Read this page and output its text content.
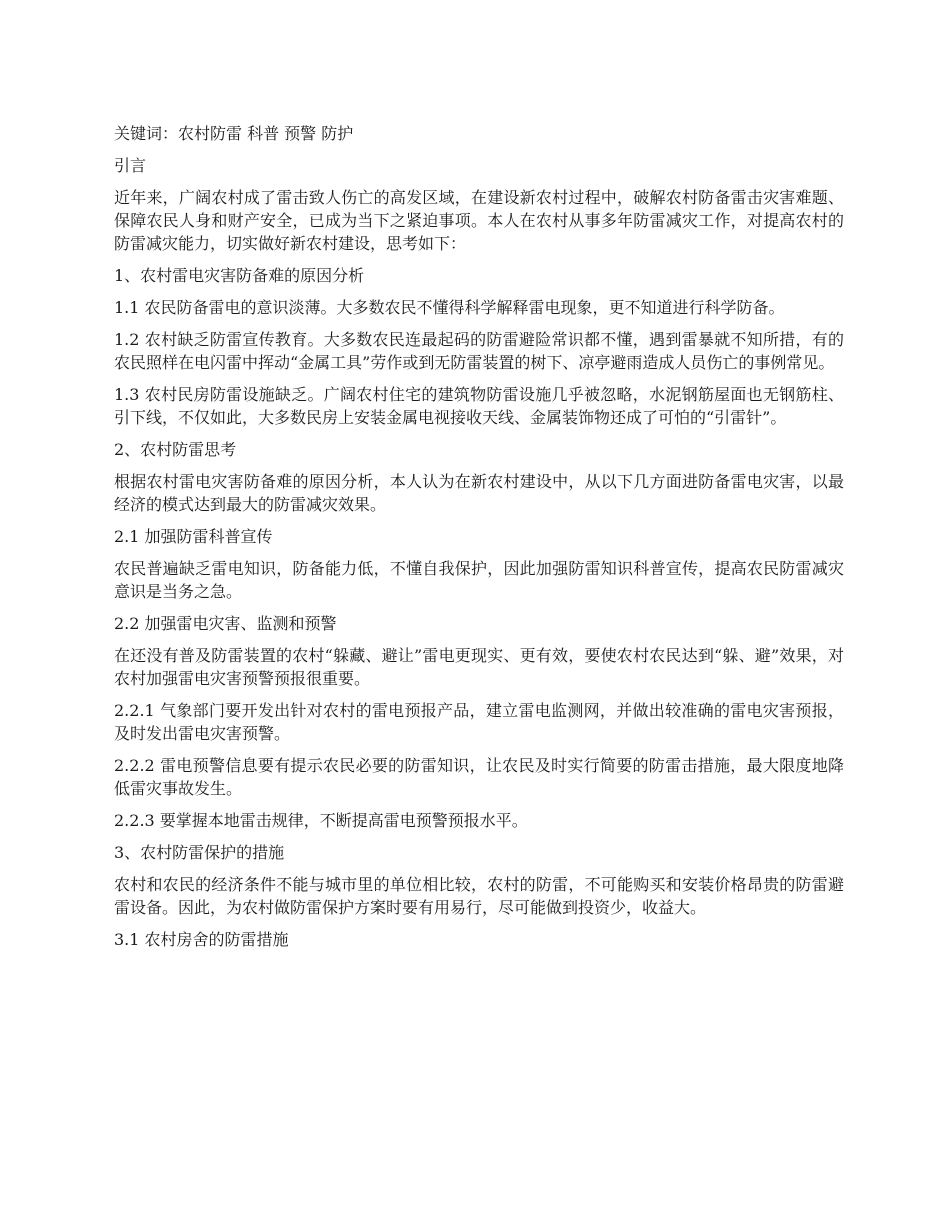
关键词：农村防雷 科普 预警 防护

引言

近年来，广阔农村成了雷击致人伤亡的高发区域，在建设新农村过程中，破解农村防备雷击灾害难题、保障农民人身和财产安全，已成为当下之紧迫事项。本人在农村从事多年防雷减灾工作，对提高农村的防雷减灾能力，切实做好新农村建设，思考如下：

1、农村雷电灾害防备难的原因分析

1.1 农民防备雷电的意识淡薄。大多数农民不懂得科学解释雷电现象，更不知道进行科学防备。

1.2 农村缺乏防雷宣传教育。大多数农民连最起码的防雷避险常识都不懂，遇到雷暴就不知所措，有的农民照样在电闪雷中挥动“金属工具”劳作或到无防雷装置的树下、凉亭避雨造成人员伤亡的事例常见。

1.3 农村民房防雷设施缺乏。广阔农村住宅的建筑物防雷设施几乎被忽略，水泥钢筋屋面也无钢筋柱、引下线，不仅如此，大多数民房上安装金属电视接收天线、金属装饰物还成了可怕的“引雷针”。

2、农村防雷思考

根据农村雷电灾害防备难的原因分析，本人认为在新农村建设中，从以下几方面进防备雷电灾害，以最经济的模式达到最大的防雷减灾效果。

2.1 加强防雷科普宣传

农民普遍缺乏雷电知识，防备能力低，不懂自我保护，因此加强防雷知识科普宣传，提高农民防雷减灾意识是当务之急。

2.2 加强雷电灾害、监测和预警

在还没有普及防雷装置的农村“躲藏、避让”雷电更现实、更有效，要使农村农民达到“躲、避”效果，对农村加强雷电灾害预警预报很重要。

2.2.1 气象部门要开发出针对农村的雷电预报产品，建立雷电监测网，并做出较准确的雷电灾害预报，及时发出雷电灾害预警。

2.2.2 雷电预警信息要有提示农民必要的防雷知识，让农民及时实行简要的防雷击措施，最大限度地降低雷灾事故发生。

2.2.3 要掌握本地雷击规律，不断提高雷电预警预报水平。

3、农村防雷保护的措施

农村和农民的经济条件不能与城市里的单位相比较，农村的防雷，不可能购买和安装价格昂贵的防雷避雷设备。因此，为农村做防雷保护方案时要有用易行，尽可能做到投资少，收益大。

3.1 农村房舍的防雷措施
